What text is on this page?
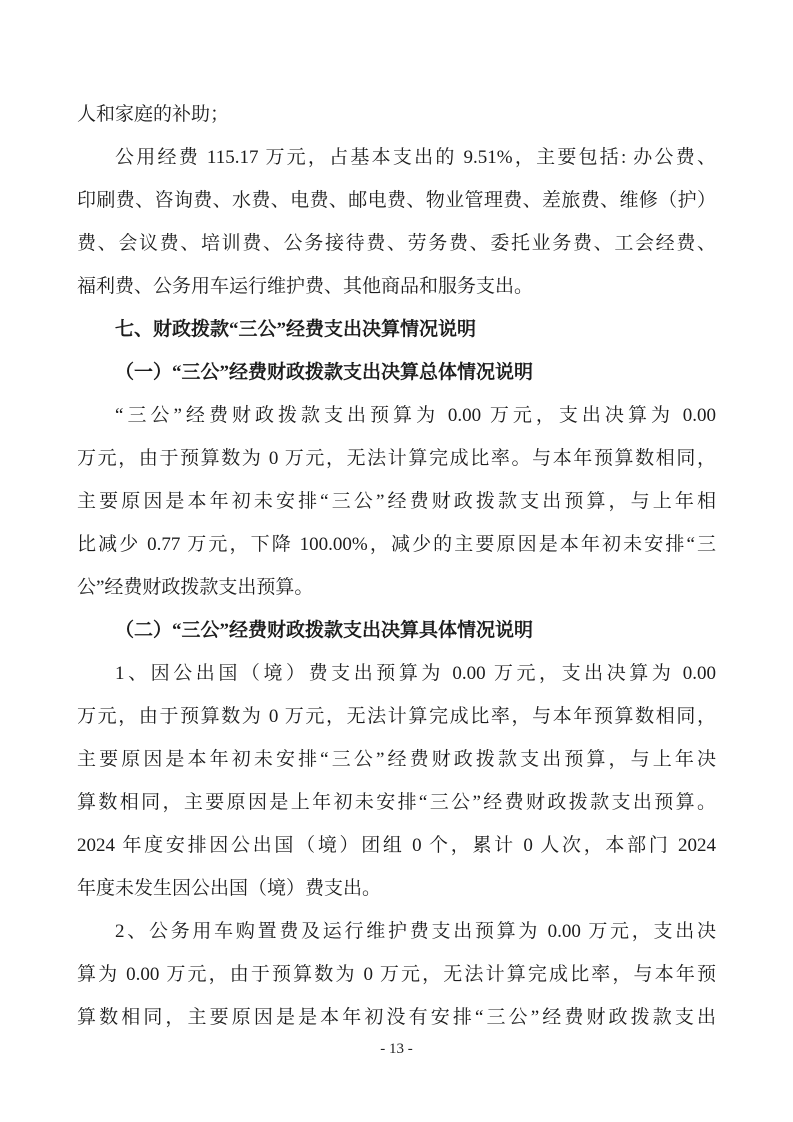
人和家庭的补助；
公用经费 115.17 万元，占基本支出的 9.51%，主要包括: 办公费、
印刷费、咨询费、水费、电费、邮电费、物业管理费、差旅费、维修（护）
费、会议费、培训费、公务接待费、劳务费、委托业务费、工会经费、
福利费、公务用车运行维护费、其他商品和服务支出。
七、财政拨款“三公”经费支出决算情况说明
（一）“三公”经费财政拨款支出决算总体情况说明
“三公”经费财政拨款支出预算为 0.00 万元，支出决算为 0.00
万元，由于预算数为 0 万元，无法计算完成比率。与本年预算数相同，
主要原因是本年初未安排“三公”经费财政拨款支出预算，与上年相
比减少 0.77 万元，下降 100.00%，减少的主要原因是本年初未安排“三
公”经费财政拨款支出预算。
（二）“三公”经费财政拨款支出决算具体情况说明
1、因公出国（境）费支出预算为 0.00 万元，支出决算为 0.00
万元，由于预算数为 0 万元，无法计算完成比率，与本年预算数相同，
主要原因是本年初未安排“三公”经费财政拨款支出预算，与上年决
算数相同，主要原因是上年初未安排“三公”经费财政拨款支出预算。
2024 年度安排因公出国（境）团组 0 个，累计 0 人次，本部门 2024
年度未发生因公出国（境）费支出。
2、公务用车购置费及运行维护费支出预算为 0.00 万元，支出决
算为 0.00 万元，由于预算数为 0 万元，无法计算完成比率，与本年预
算数相同，主要原因是是本年初没有安排“三公”经费财政拨款支出
- 13 -
